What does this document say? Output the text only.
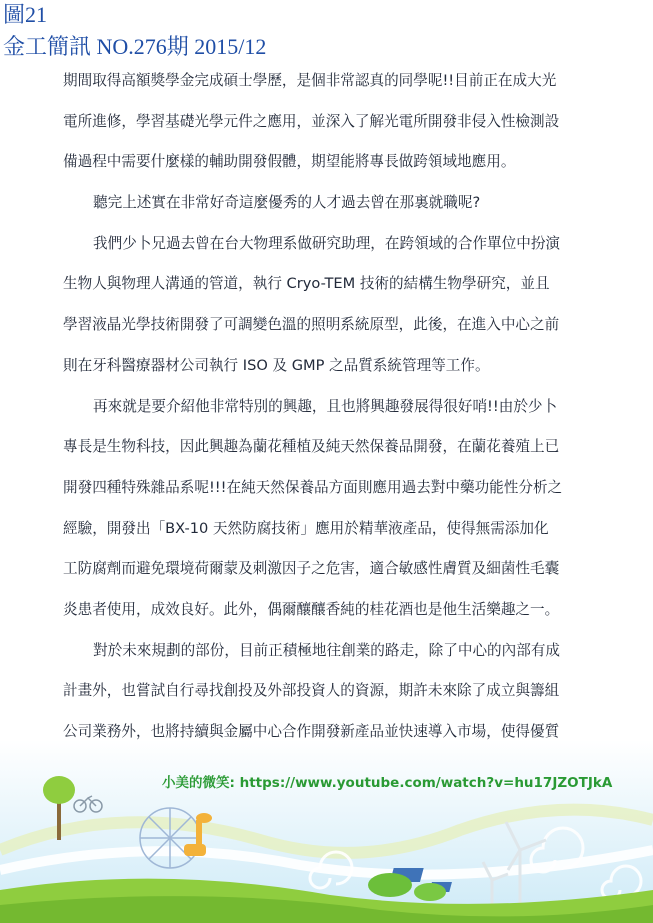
圖21
金工簡訊 NO.276期 2015/12
期間取得高額獎學金完成碩士學歷，是個非常認真的同學呢!!目前正在成大光
電所進修，學習基礎光學元件之應用，並深入了解光電所開發非侵入性檢測設
備過程中需要什麼樣的輔助開發假體，期望能將專長做跨領域地應用。
聽完上述實在非常好奇這麼優秀的人才過去曾在那裏就職呢?
我們少卜兄過去曾在台大物理系做研究助理，在跨領域的合作單位中扮演
生物人與物理人溝通的管道，執行 Cryo-TEM 技術的結構生物學研究，並且
學習液晶光學技術開發了可調變色溫的照明系統原型，此後，在進入中心之前
則在牙科醫療器材公司執行 ISO 及 GMP 之品質系統管理等工作。
再來就是要介紹他非常特別的興趣，且也將興趣發展得很好哨!!由於少卜
專長是生物科技，因此興趣為蘭花種植及純天然保養品開發，在蘭花養殖上已
開發四種特殊雜品系呢!!!在純天然保養品方面則應用過去對中藥功能性分析之
經驗，開發出「BX-10 天然防腐技術」應用於精華液產品，使得無需添加化
工防腐劑而避免環境荷爾蒙及刺激因子之危害，適合敏感性膚質及細菌性毛囊
炎患者使用，成效良好。此外，偶爾釀釀香純的桂花酒也是他生活樂趣之一。
對於未來規劃的部份，目前正積極地往創業的路走，除了中心的內部有成
計畫外，也嘗試自行尋找創投及外部投資人的資源，期許未來除了成立與籌組
公司業務外，也將持續與金屬中心合作開發新產品並快速導入市場，使得優質
小美的微笑: https://www.youtube.com/watch?v=hu17JZOTJkA
